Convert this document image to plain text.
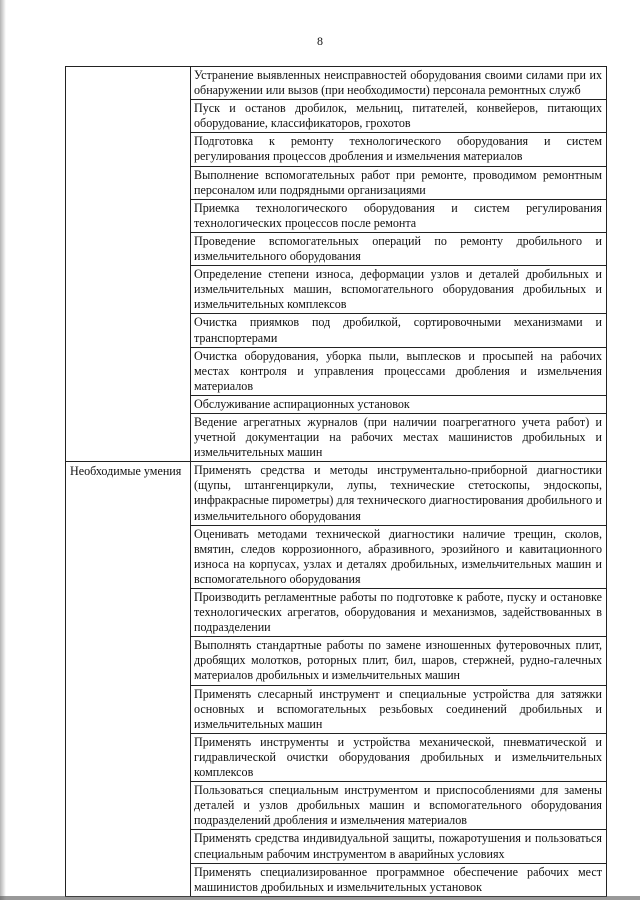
8
	Устранение выявленных неисправностей оборудования своими силами при их обнаружении или вызов (при необходимости) персонала ремонтных служб
	Пуск и останов дробилок, мельниц, питателей, конвейеров, питающих оборудование, классификаторов, грохотов
	Подготовка к ремонту технологического оборудования и систем регулирования процессов дробления и измельчения материалов
	Выполнение вспомогательных работ при ремонте, проводимом ремонтным персоналом или подрядными организациями
	Приемка технологического оборудования и систем регулирования технологических процессов после ремонта
	Проведение вспомогательных операций по ремонту дробильного и измельчительного оборудования
	Определение степени износа, деформации узлов и деталей дробильных и измельчительных машин, вспомогательного оборудования дробильных и измельчительных комплексов
	Очистка приямков под дробилкой, сортировочными механизмами и транспортерами
	Очистка оборудования, уборка пыли, выплесков и просыпей на рабочих местах контроля и управления процессами дробления и измельчения материалов
	Обслуживание аспирационных установок
	Ведение агрегатных журналов (при наличии поагрегатного учета работ) и учетной документации на рабочих местах машинистов дробильных и измельчительных машин
Необходимые умения	Применять средства и методы инструментально-приборной диагностики (щупы, штангенциркули, лупы, технические стетоскопы, эндоскопы, инфракрасные пирометры) для технического диагностирования дробильного и измельчительного оборудования
	Оценивать методами технической диагностики наличие трещин, сколов, вмятин, следов коррозионного, абразивного, эрозийного и кавитационного износа на корпусах, узлах и деталях дробильных, измельчительных машин и вспомогательного оборудования
	Производить регламентные работы по подготовке к работе, пуску и остановке технологических агрегатов, оборудования и механизмов, задействованных в подразделении
	Выполнять стандартные работы по замене изношенных футеровочных плит, дробящих молотков, роторных плит, бил, шаров, стержней, рудно-галечных материалов дробильных и измельчительных машин
	Применять слесарный инструмент и специальные устройства для затяжки основных и вспомогательных резьбовых соединений дробильных и измельчительных машин
	Применять инструменты и устройства механической, пневматической и гидравлической очистки оборудования дробильных и измельчительных комплексов
	Пользоваться специальным инструментом и приспособлениями для замены деталей и узлов дробильных машин и вспомогательного оборудования подразделений дробления и измельчения материалов
	Применять средства индивидуальной защиты, пожаротушения и пользоваться специальным рабочим инструментом в аварийных условиях
	Применять специализированное программное обеспечение рабочих мест машинистов дробильных и измельчительных установок
